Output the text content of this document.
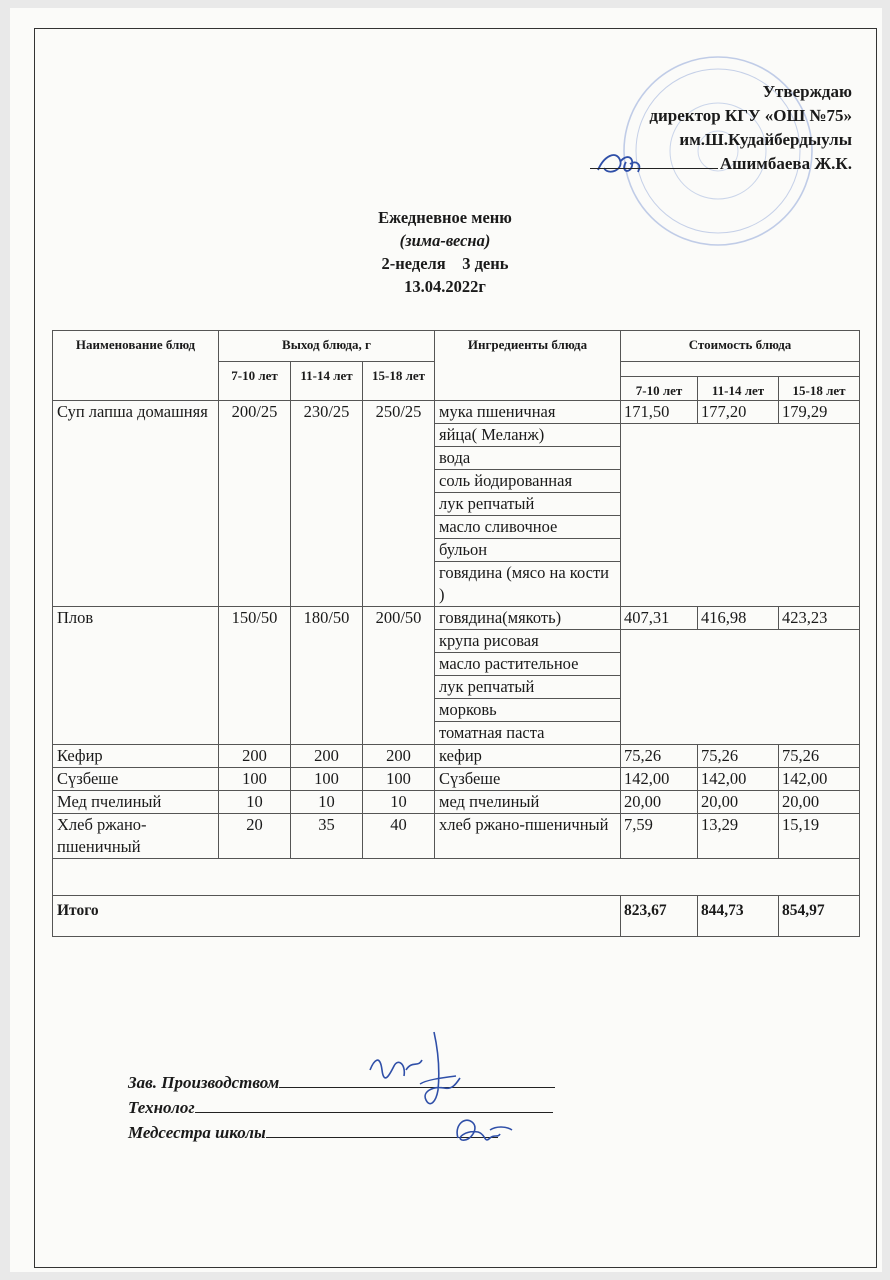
Утверждаю
директор КГУ «ОШ №75»
им.Ш.Кудайбердыулы
Ашимбаева Ж.К.
Ежедневное меню
(зима-весна)
2-неделя    3 день
13.04.2022г
Наименование блюд	Выход блюда, г			Ингредиенты блюда	Стоимость блюда		
	7-10 лет	11-14 лет	15-18 лет				
					7-10 лет	11-14 лет	15-18 лет
Суп лапша домашняя	200/25	230/25	250/25	мука пшеничная	171,50	177,20	179,29
				яйца( Меланж)			
				вода			
				соль йодированная			
				лук репчатый			
				масло сливочное			
				бульон			
				говядина (мясо на кости )			
Плов	150/50	180/50	200/50	говядина(мякоть)	407,31	416,98	423,23
				крупа рисовая			
				масло растительное			
				лук репчатый			
				морковь			
				томатная паста			
Кефир	200	200	200	кефир	75,26	75,26	75,26
Сүзбеше	100	100	100	Сүзбеше	142,00	142,00	142,00
Мед пчелиный	10	10	10	мед пчелиный	20,00	20,00	20,00
Хлеб ржано-пшеничный	20	35	40	хлеб ржано-пшеничный	7,59	13,29	15,19

Итого					823,67	844,73	854,97
Зав. Производством
Технолог
Медсестра школы
